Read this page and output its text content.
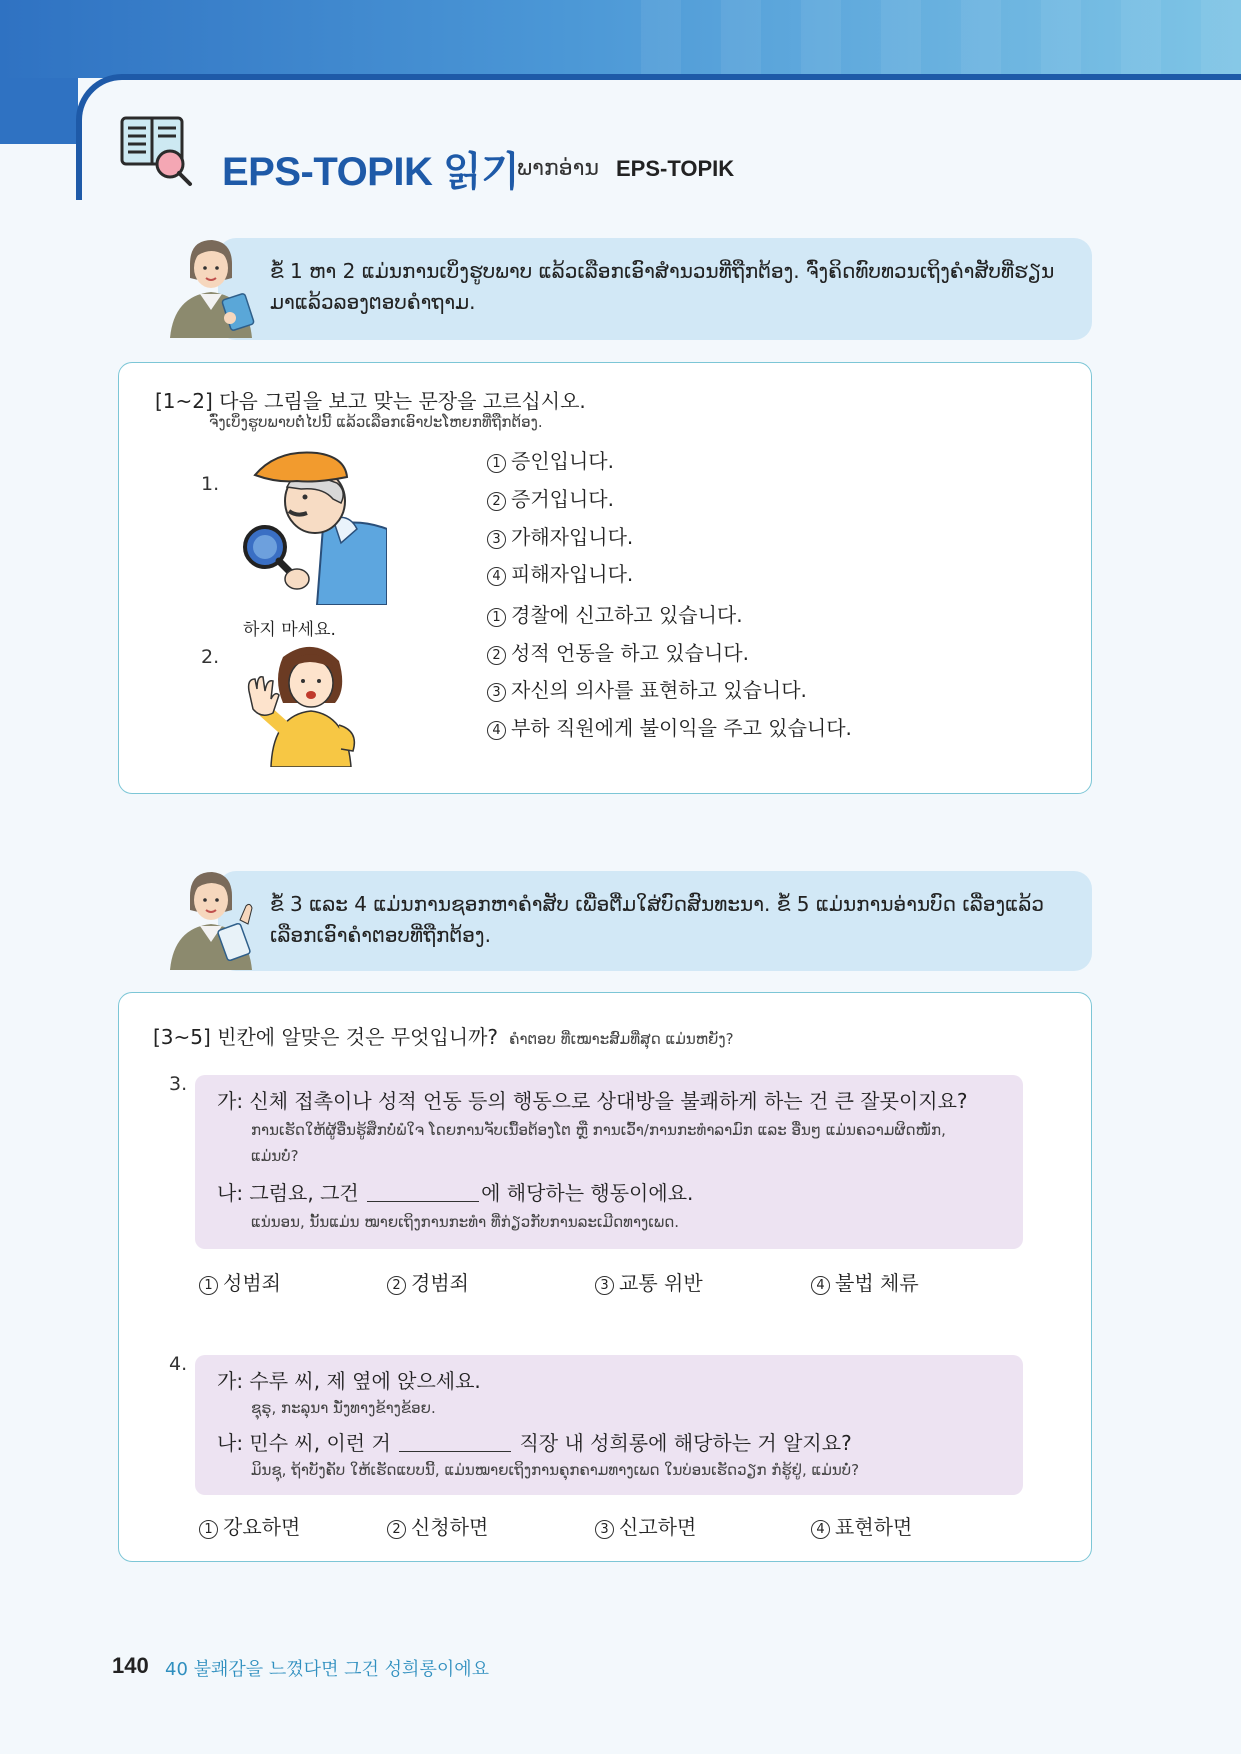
EPS-TOPIK 읽기
ພາກອ່ານ EPS-TOPIK
ຂໍ້ 1 ຫາ 2 ແມ່ນການເບິ່ງຮູບພາບ ແລ້ວເລືອກເອົາສຳນວນທີ່ຖືກຕ້ອງ. ຈົ່ງຄິດທົບທວນເຖິງຄຳສັບທີ່ຮຽນ
ມາແລ້ວລອງຕອບຄຳຖາມ.
[1~2] 다음 그림을 보고 맞는 문장을 고르십시오.
ຈົ່ງເບິ່ງຮູບພາບຕໍ່ໄປນີ້ ແລ້ວເລືອກເອົາປະໂຫຍກທີ່ຖືກຕ້ອງ.
1.
1 증인입니다.
2 증거입니다.
3 가해자입니다.
4 피해자입니다.
2.
하지 마세요.
1 경찰에 신고하고 있습니다.
2 성적 언동을 하고 있습니다.
3 자신의 의사를 표현하고 있습니다.
4 부하 직원에게 불이익을 주고 있습니다.
ຂໍ້ 3 ແລະ 4 ແມ່ນການຊອກຫາຄຳສັບ ເພື່ອຕື່ມໃສ່ບົດສົນທະນາ. ຂໍ້ 5 ແມ່ນການອ່ານບົດ ເລື່ອງແລ້ວ
ເລືອກເອົາຄຳຕອບທີ່ຖືກຕ້ອງ.
[3~5] 빈칸에 알맞은 것은 무엇입니까? ຄຳຕອບ ທີ່ເໝາະສົມທີ່ສຸດ ແມ່ນຫຍັງ?
3.
가: 신체 접촉이나 성적 언동 등의 행동으로 상대방을 불쾌하게 하는 건 큰 잘못이지요?
ການເຮັດໃຫ້ຜູ້ອື່ນຮູ້ສຶກບໍ່ພໍໃຈ ໂດຍການຈັບເນື້ອຕ້ອງໂຕ ຫຼື ການເວົ້າ/ການກະທຳລາມົກ ແລະ ອື່ນໆ ແມ່ນຄວາມຜິດໜັກ,
ແມ່ນບໍ່?
나: 그럼요, 그건	에 해당하는 행동이에요.
ແນ່ນອນ, ນັ້ນແມ່ນ ໝາຍເຖິງການກະທຳ ທີ່ກ່ຽວກັບການລະເມີດທາງເພດ.
1 성범죄	2 경범죄	3 교통 위반	4 불법 체류
4.
가: 수루 씨, 제 옆에 앉으세요.
ຊຸຣຸ, ກະລຸນາ ນັ່ງທາງຂ້າງຂ້ອຍ.
나: 민수 씨, 이런 거	직장 내 성희롱에 해당하는 거 알지요?
ມິນຊຸ, ຖ້າບັງຄັບ ໃຫ້ເຮັດແບບນີ້, ແມ່ນໝາຍເຖິງການຄຸກຄາມທາງເພດ ໃນບ່ອນເຮັດວຽກ ກໍຮູ້ຢູ່, ແມ່ນບໍ່?
1 강요하면	2 신청하면	3 신고하면	4 표현하면
140 40 불쾌감을 느꼈다면 그건 성희롱이에요
